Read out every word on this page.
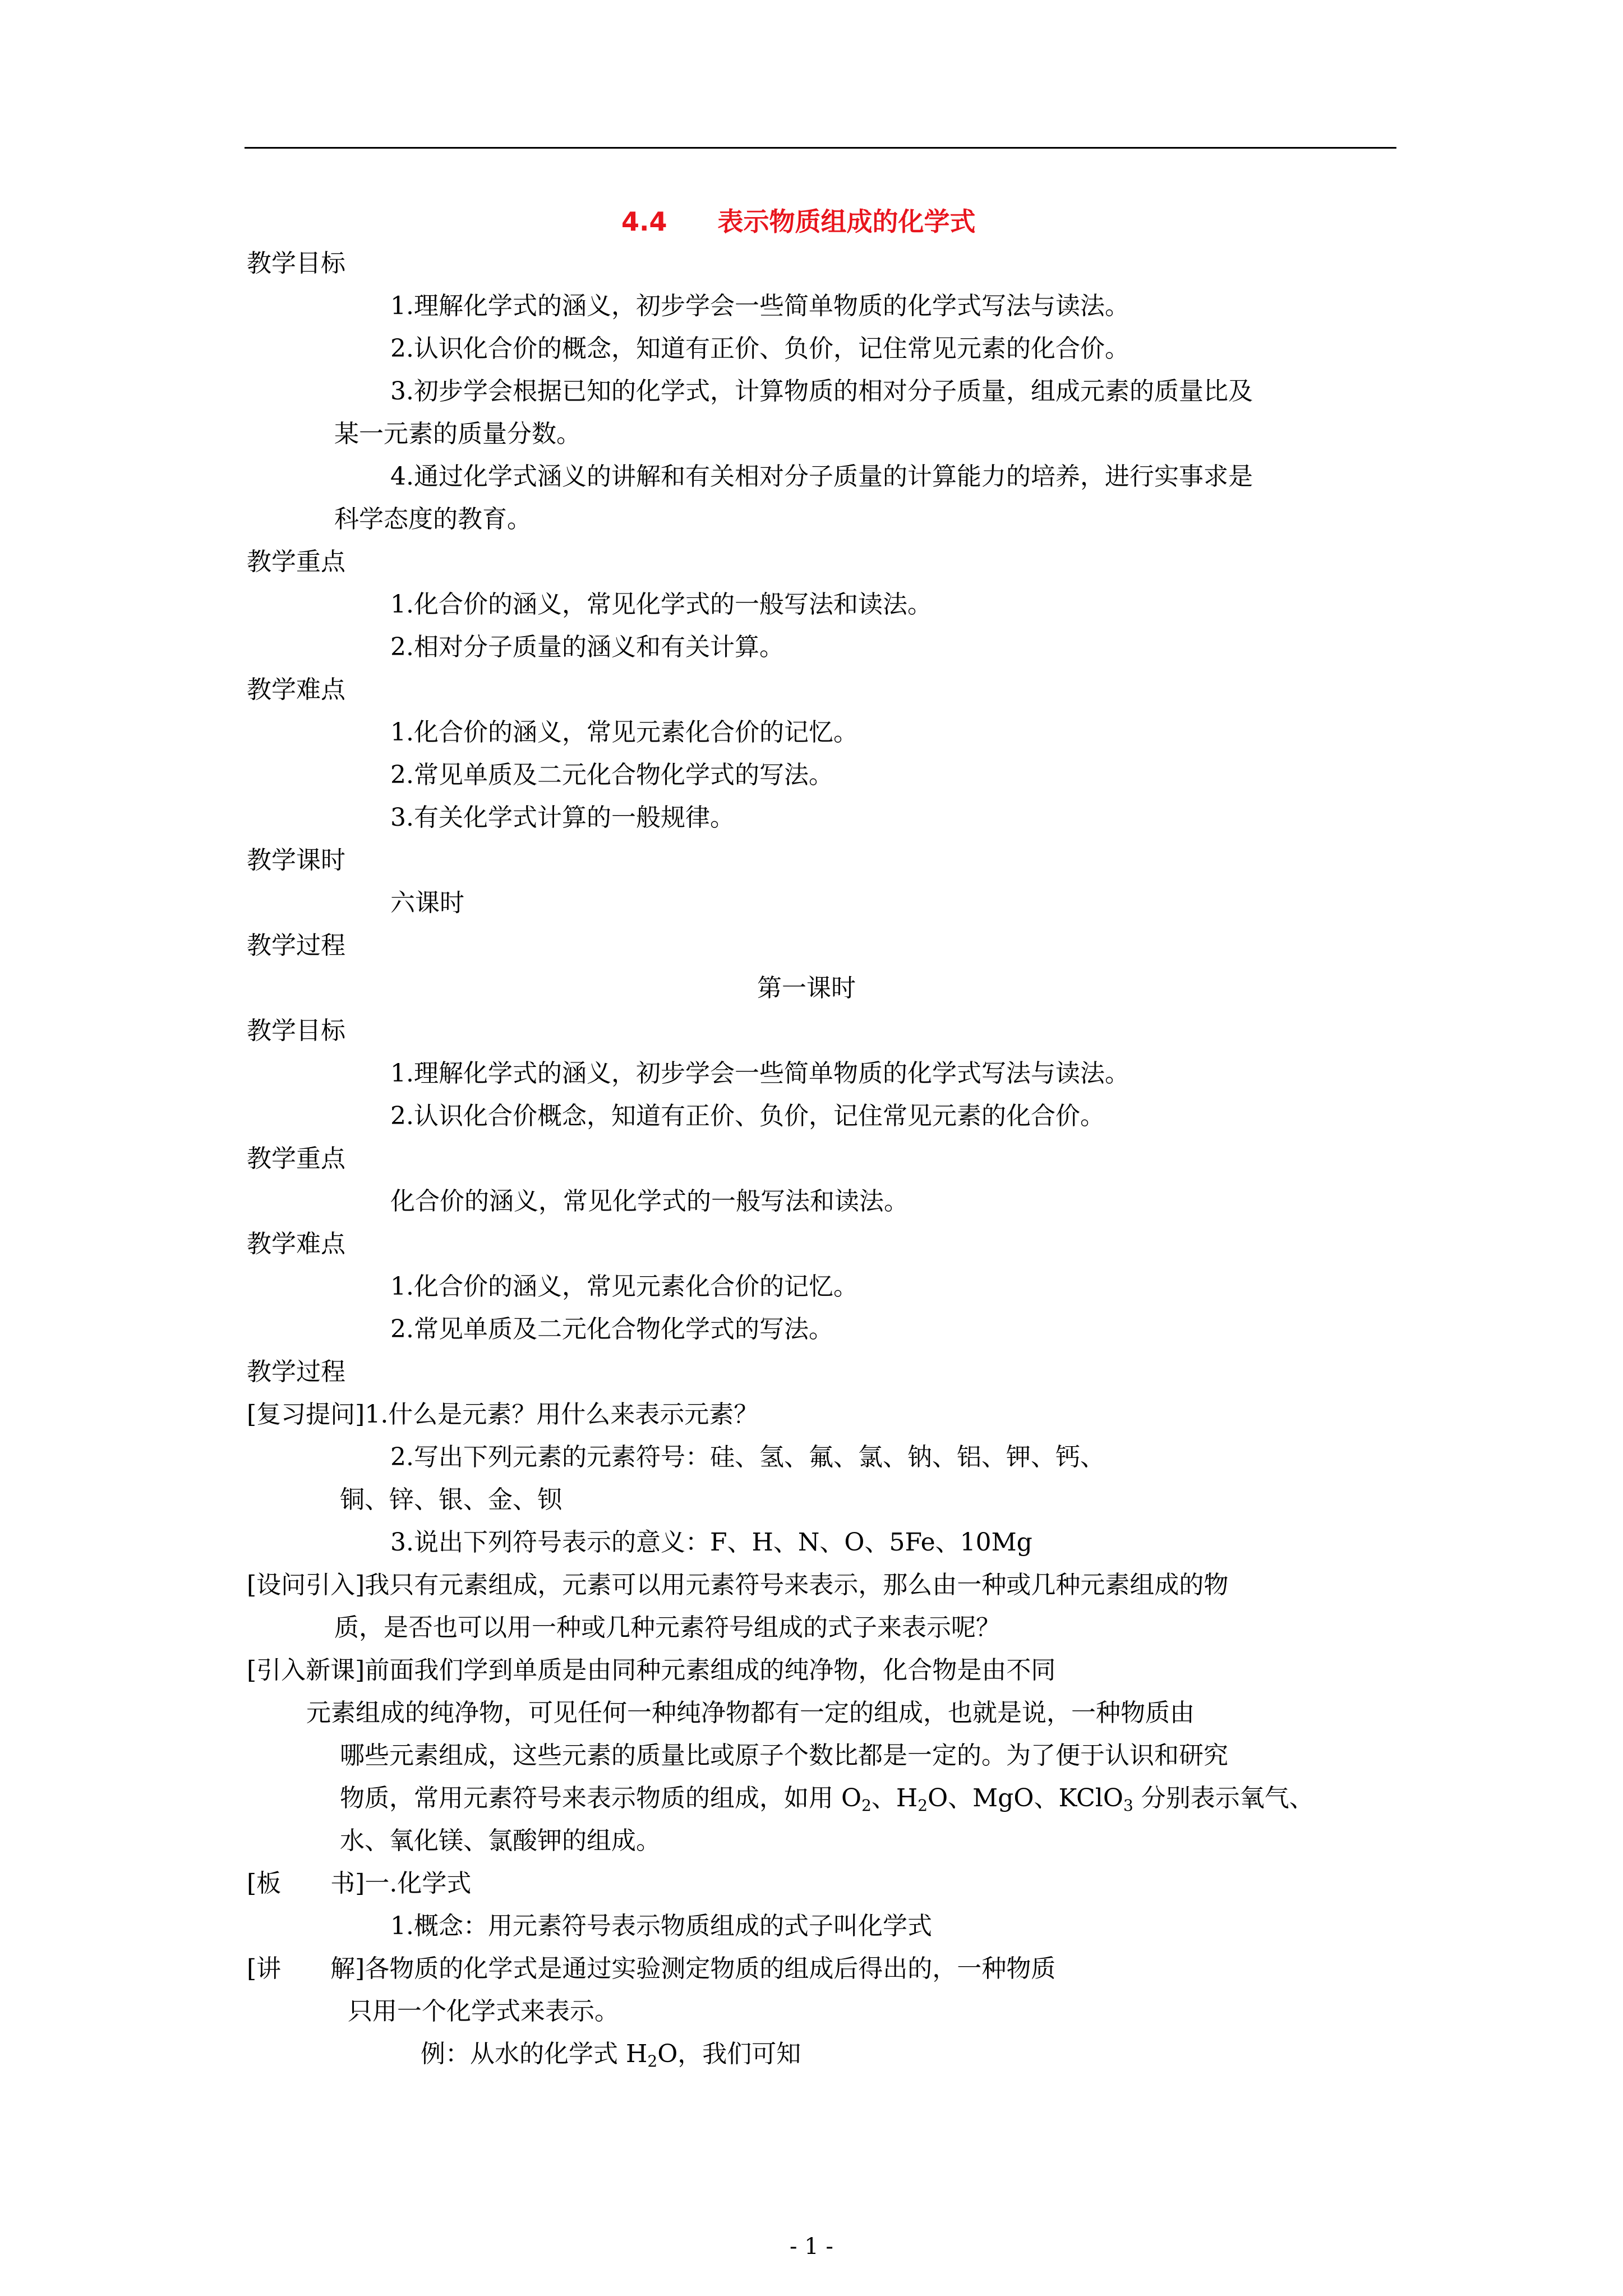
4.4 表示物质组成的化学式
教学目标
1.理解化学式的涵义，初步学会一些简单物质的化学式写法与读法。
2.认识化合价的概念，知道有正价、负价，记住常见元素的化合价。
3.初步学会根据已知的化学式，计算物质的相对分子质量，组成元素的质量比及
某一元素的质量分数。
4.通过化学式涵义的讲解和有关相对分子质量的计算能力的培养，进行实事求是
科学态度的教育。
教学重点
1.化合价的涵义，常见化学式的一般写法和读法。
2.相对分子质量的涵义和有关计算。
教学难点
1.化合价的涵义，常见元素化合价的记忆。
2.常见单质及二元化合物化学式的写法。
3.有关化学式计算的一般规律。
教学课时
六课时
教学过程
第一课时
教学目标
1.理解化学式的涵义，初步学会一些简单物质的化学式写法与读法。
2.认识化合价概念，知道有正价、负价，记住常见元素的化合价。
教学重点
化合价的涵义，常见化学式的一般写法和读法。
教学难点
1.化合价的涵义，常见元素化合价的记忆。
2.常见单质及二元化合物化学式的写法。
教学过程
[复习提问]1.什么是元素？用什么来表示元素？
2.写出下列元素的元素符号：硅、氢、氟、氯、钠、铝、钾、钙、
铜、锌、银、金、钡
3.说出下列符号表示的意义：F、H、N、O、5Fe、10Mg
[设问引入]我只有元素组成，元素可以用元素符号来表示，那么由一种或几种元素组成的物
质，是否也可以用一种或几种元素符号组成的式子来表示呢？
[引入新课]前面我们学到单质是由同种元素组成的纯净物，化合物是由不同
元素组成的纯净物，可见任何一种纯净物都有一定的组成，也就是说，一种物质由
哪些元素组成，这些元素的质量比或原子个数比都是一定的。为了便于认识和研究
物质，常用元素符号来表示物质的组成，如用 $O_2$、$H_2O$、MgO、KClO$_3$ 分别表示氧气、
水、氧化镁、氯酸钾的组成。
[板　　书]一.化学式
1.概念：用元素符号表示物质组成的式子叫化学式
[讲　　解]各物质的化学式是通过实验测定物质的组成后得出的，一种物质
只用一个化学式来表示。
例：从水的化学式 $H_2O$，我们可知
- 1 -
